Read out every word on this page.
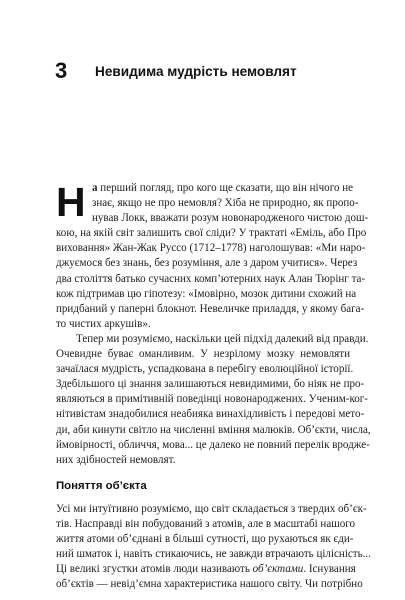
3 Невидима мудрість немовлят
Н а перший погляд, про кого ще сказати, що він нічого не
знає, якщо не про немовля? Хіба не природно, як пропо-
нував Локк, вважати розум новонародженого чистою дош-
кою, на якій світ залишить свої сліди? У трактаті «Еміль, або Про
виховання» Жан-Жак Руссо (1712–1778) наголошував: «Ми наро-
джуємося без знань, без розуміння, але з даром учитися». Через
два століття батько сучасних комп’ютерних наук Алан Тюрінг та-
кож підтримав цю гіпотезу: «Імовірно, мозок дитини схожий на
придбаний у паперні блокнот. Невеличке приладдя, у якому бага-
то чистих аркушів».
Тепер ми розуміємо, наскільки цей підхід далекий від правди.
Очевидне буває оманливим. У незрілому мозку немовляти
зачаїлася мудрість, успадкована в перебігу еволюційної історії.
Здебільшого ці знання залишаються невидимими, бо ніяк не про-
являються в примітивній поведінці новонароджених. Ученим-ког-
нітивістам знадобилися неабияка винахідливість і передові мето-
ди, аби кинути світло на численні вміння малюків. Об’єкти, числа,
ймовірності, обличчя, мова... це далеко не повний перелік вродже-
них здібностей немовлят.
Поняття об’єкта
Усі ми інтуїтивно розуміємо, що світ складається з твердих об’єк-
тів. Насправді він побудований з атомів, але в масштабі нашого
життя атоми об’єднані в більші сутності, що рухаються як єди-
ний шматок і, навіть стикаючись, не завжди втрачають цілісність...
Ці великі згустки атомів люди називають об’єктами. Існування
об’єктів — невід’ємна характеристика нашого світу. Чи потрібно
